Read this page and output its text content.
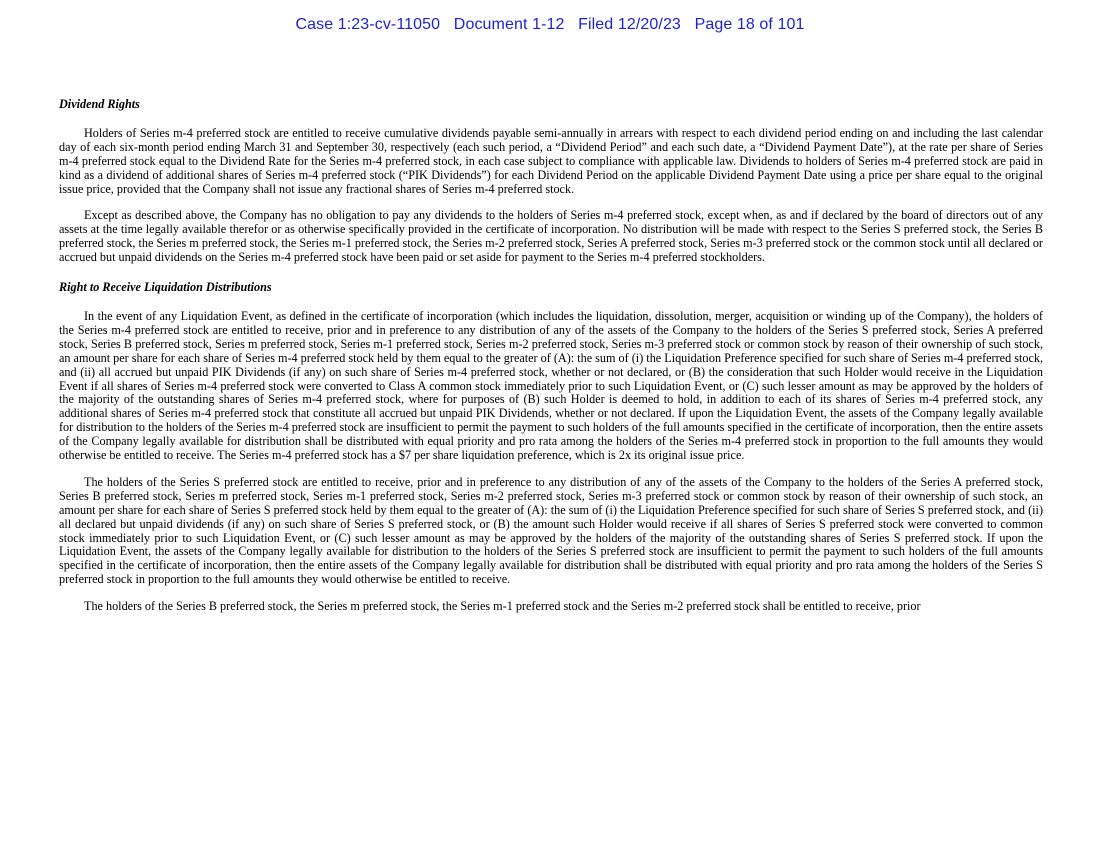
Case 1:23-cv-11050   Document 1-12   Filed 12/20/23   Page 18 of 101
Dividend Rights

Holders of Series m-4 preferred stock are entitled to receive cumulative dividends payable semi-annually in arrears with respect to each dividend period ending on and including the last calendar day of each six-month period ending March 31 and September 30, respectively (each such period, a “Dividend Period” and each such date, a “Dividend Payment Date”), at the rate per share of Series m-4 preferred stock equal to the Dividend Rate for the Series m-4 preferred stock, in each case subject to compliance with applicable law. Dividends to holders of Series m-4 preferred stock are paid in kind as a dividend of additional shares of Series m-4 preferred stock (“PIK Dividends”) for each Dividend Period on the applicable Dividend Payment Date using a price per share equal to the original issue price, provided that the Company shall not issue any fractional shares of Series m-4 preferred stock.

Except as described above, the Company has no obligation to pay any dividends to the holders of Series m-4 preferred stock, except when, as and if declared by the board of directors out of any assets at the time legally available therefor or as otherwise specifically provided in the certificate of incorporation. No distribution will be made with respect to the Series S preferred stock, the Series B preferred stock, the Series m preferred stock, the Series m-1 preferred stock, the Series m-2 preferred stock, Series A preferred stock, Series m-3 preferred stock or the common stock until all declared or accrued but unpaid dividends on the Series m-4 preferred stock have been paid or set aside for payment to the Series m-4 preferred stockholders.

Right to Receive Liquidation Distributions

In the event of any Liquidation Event, as defined in the certificate of incorporation (which includes the liquidation, dissolution, merger, acquisition or winding up of the Company), the holders of the Series m-4 preferred stock are entitled to receive, prior and in preference to any distribution of any of the assets of the Company to the holders of the Series S preferred stock, Series A preferred stock, Series B preferred stock, Series m preferred stock, Series m-1 preferred stock, Series m-2 preferred stock, Series m-3 preferred stock or common stock by reason of their ownership of such stock, an amount per share for each share of Series m-4 preferred stock held by them equal to the greater of (A): the sum of (i) the Liquidation Preference specified for such share of Series m-4 preferred stock, and (ii) all accrued but unpaid PIK Dividends (if any) on such share of Series m-4 preferred stock, whether or not declared, or (B) the consideration that such Holder would receive in the Liquidation Event if all shares of Series m-4 preferred stock were converted to Class A common stock immediately prior to such Liquidation Event, or (C) such lesser amount as may be approved by the holders of the majority of the outstanding shares of Series m-4 preferred stock, where for purposes of (B) such Holder is deemed to hold, in addition to each of its shares of Series m-4 preferred stock, any additional shares of Series m-4 preferred stock that constitute all accrued but unpaid PIK Dividends, whether or not declared. If upon the Liquidation Event, the assets of the Company legally available for distribution to the holders of the Series m-4 preferred stock are insufficient to permit the payment to such holders of the full amounts specified in the certificate of incorporation, then the entire assets of the Company legally available for distribution shall be distributed with equal priority and pro rata among the holders of the Series m-4 preferred stock in proportion to the full amounts they would otherwise be entitled to receive. The Series m-4 preferred stock has a $7 per share liquidation preference, which is 2x its original issue price.

The holders of the Series S preferred stock are entitled to receive, prior and in preference to any distribution of any of the assets of the Company to the holders of the Series A preferred stock, Series B preferred stock, Series m preferred stock, Series m-1 preferred stock, Series m-2 preferred stock, Series m-3 preferred stock or common stock by reason of their ownership of such stock, an amount per share for each share of Series S preferred stock held by them equal to the greater of (A): the sum of (i) the Liquidation Preference specified for such share of Series S preferred stock, and (ii) all declared but unpaid dividends (if any) on such share of Series S preferred stock, or (B) the amount such Holder would receive if all shares of Series S preferred stock were converted to common stock immediately prior to such Liquidation Event, or (C) such lesser amount as may be approved by the holders of the majority of the outstanding shares of Series S preferred stock. If upon the Liquidation Event, the assets of the Company legally available for distribution to the holders of the Series S preferred stock are insufficient to permit the payment to such holders of the full amounts specified in the certificate of incorporation, then the entire assets of the Company legally available for distribution shall be distributed with equal priority and pro rata among the holders of the Series S preferred stock in proportion to the full amounts they would otherwise be entitled to receive.

The holders of the Series B preferred stock, the Series m preferred stock, the Series m-1 preferred stock and the Series m-2 preferred stock shall be entitled to receive, prior
